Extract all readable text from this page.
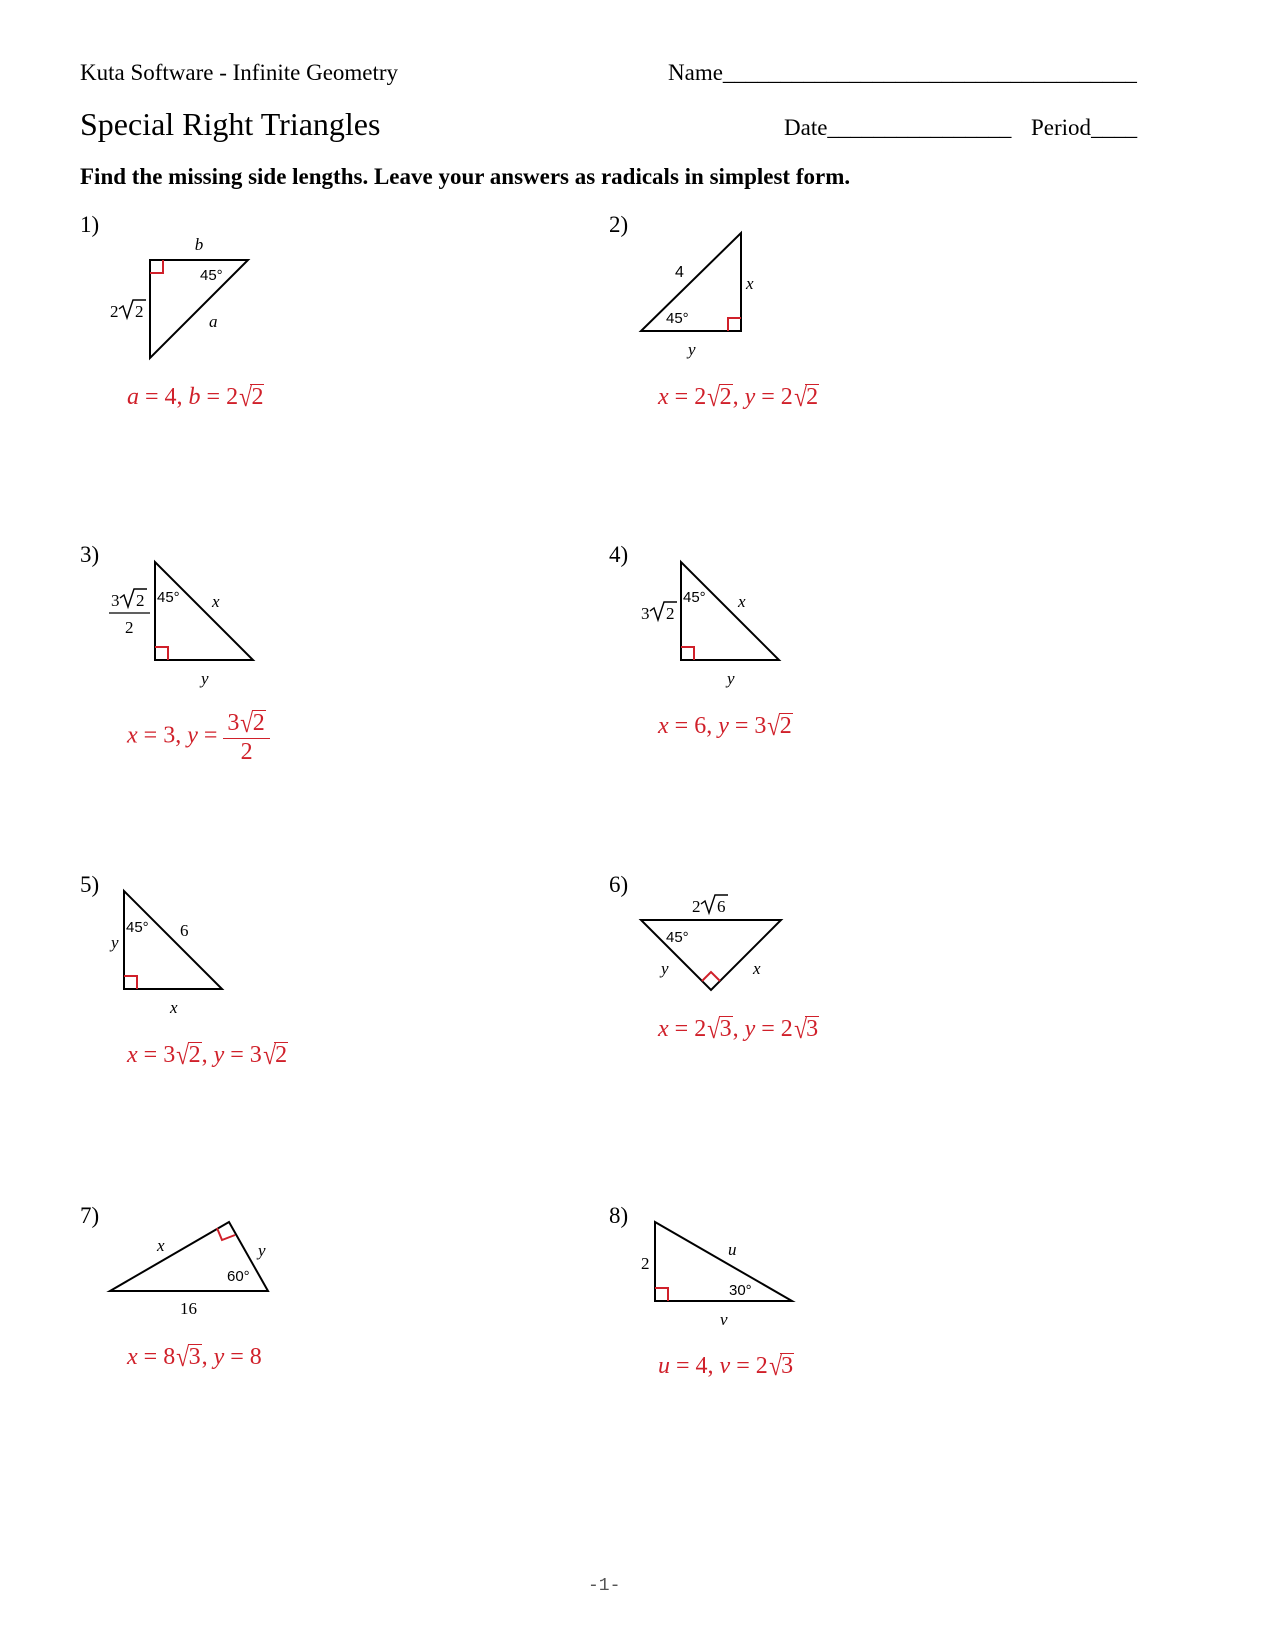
Kuta Software - Infinite Geometry	Name____________________________________
Special Right Triangles	Date________________ Period____
Find the missing side lengths. Leave your answers as radicals in simplest form.
1)
b
45°
a
2 2
a = 4, b = 2√2
2)
4
x
45°
y
x = 2√2, y = 2√2
3)
45° x
y
3 2
2
x = 3, $y = \frac{3√2}{2}$
4)
45° x
y
3 2
x = 6, y = 3√2
5)
45° 6
y
x
x = 3√2, y = 3√2
6)
2 6
45°
y	x
x = 2√3, y = 2√3
7)
x	y
60°
16
x = 8√3, y = 8
8)
2
u
30°
v
u = 4, v = 2√3
-1-
